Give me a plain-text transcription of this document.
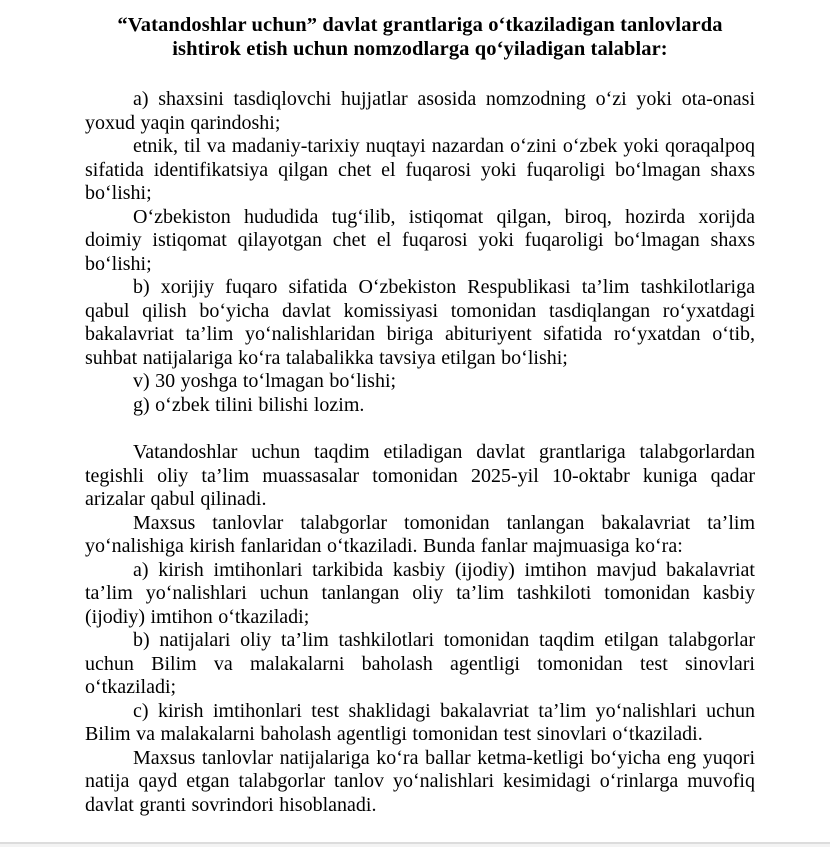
“Vatandoshlar uchun” davlat grantlariga o‘tkaziladigan tanlovlarda ishtirok etish uchun nomzodlarga qo‘yiladigan talablar:

a) shaxsini tasdiqlovchi hujjatlar asosida nomzodning o‘zi yoki ota-onasi yoxud yaqin qarindoshi;

etnik, til va madaniy-tarixiy nuqtayi nazardan o‘zini o‘zbek yoki qoraqalpoq sifatida identifikatsiya qilgan chet el fuqarosi yoki fuqaroligi bo‘lmagan shaxs bo‘lishi;

O‘zbekiston hududida tug‘ilib, istiqomat qilgan, biroq, hozirda xorijda doimiy istiqomat qilayotgan chet el fuqarosi yoki fuqaroligi bo‘lmagan shaxs bo‘lishi;

b) xorijiy fuqaro sifatida O‘zbekiston Respublikasi ta’lim tashkilotlariga qabul qilish bo‘yicha davlat komissiyasi tomonidan tasdiqlangan ro‘yxatdagi bakalavriat ta’lim yo‘nalishlaridan biriga abituriyent sifatida ro‘yxatdan o‘tib, suhbat natijalariga ko‘ra talabalikka tavsiya etilgan bo‘lishi;

v) 30 yoshga to‘lmagan bo‘lishi;

g) o‘zbek tilini bilishi lozim.

Vatandoshlar uchun taqdim etiladigan davlat grantlariga talabgorlardan tegishli oliy ta’lim muassasalar tomonidan 2025-yil 10-oktabr kuniga qadar arizalar qabul qilinadi.

Maxsus tanlovlar talabgorlar tomonidan tanlangan bakalavriat ta’lim yo‘nalishiga kirish fanlaridan o‘tkaziladi. Bunda fanlar majmuasiga ko‘ra:

a) kirish imtihonlari tarkibida kasbiy (ijodiy) imtihon mavjud bakalavriat ta’lim yo‘nalishlari uchun tanlangan oliy ta’lim tashkiloti tomonidan kasbiy (ijodiy) imtihon o‘tkaziladi;

b) natijalari oliy ta’lim tashkilotlari tomonidan taqdim etilgan talabgorlar uchun Bilim va malakalarni baholash agentligi tomonidan test sinovlari o‘tkaziladi;

c) kirish imtihonlari test shaklidagi bakalavriat ta’lim yo‘nalishlari uchun Bilim va malakalarni baholash agentligi tomonidan test sinovlari o‘tkaziladi.

Maxsus tanlovlar natijalariga ko‘ra ballar ketma-ketligi bo‘yicha eng yuqori natija qayd etgan talabgorlar tanlov yo‘nalishlari kesimidagi o‘rinlarga muvofiq davlat granti sovrindori hisoblanadi.
